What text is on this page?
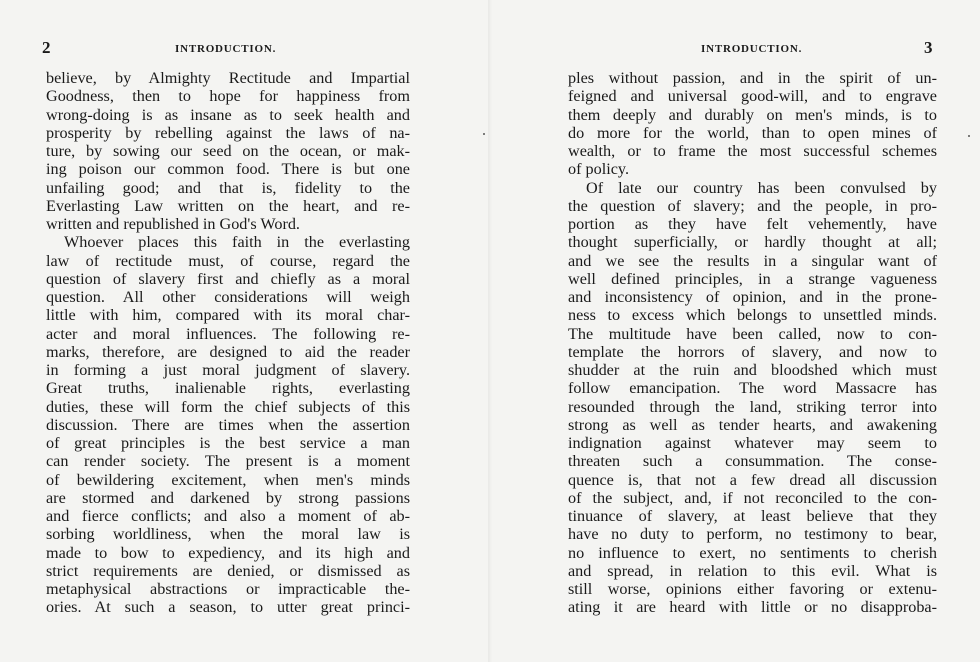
2	INTRODUCTION.
believe, by Almighty Rectitude and Impartial
Goodness, then to hope for happiness from
wrong-doing is as insane as to seek health and
prosperity by rebelling against the laws of na-
ture, by sowing our seed on the ocean, or mak-
ing poison our common food. There is but one
unfailing good; and that is, fidelity to the
Everlasting Law written on the heart, and re-
written and republished in God's Word.
Whoever places this faith in the everlasting
law of rectitude must, of course, regard the
question of slavery first and chiefly as a moral
question. All other considerations will weigh
little with him, compared with its moral char-
acter and moral influences. The following re-
marks, therefore, are designed to aid the reader
in forming a just moral judgment of slavery.
Great truths, inalienable rights, everlasting
duties, these will form the chief subjects of this
discussion. There are times when the assertion
of great principles is the best service a man
can render society. The present is a moment
of bewildering excitement, when men's minds
are stormed and darkened by strong passions
and fierce conflicts; and also a moment of ab-
sorbing worldliness, when the moral law is
made to bow to expediency, and its high and
strict requirements are denied, or dismissed as
metaphysical abstractions or impracticable the-
ories. At such a season, to utter great princi-
INTRODUCTION.	3
ples without passion, and in the spirit of un-
feigned and universal good-will, and to engrave
them deeply and durably on men's minds, is to
do more for the world, than to open mines of
wealth, or to frame the most successful schemes
of policy.
Of late our country has been convulsed by
the question of slavery; and the people, in pro-
portion as they have felt vehemently, have
thought superficially, or hardly thought at all;
and we see the results in a singular want of
well defined principles, in a strange vagueness
and inconsistency of opinion, and in the prone-
ness to excess which belongs to unsettled minds.
The multitude have been called, now to con-
template the horrors of slavery, and now to
shudder at the ruin and bloodshed which must
follow emancipation. The word Massacre has
resounded through the land, striking terror into
strong as well as tender hearts, and awakening
indignation against whatever may seem to
threaten such a consummation. The conse-
quence is, that not a few dread all discussion
of the subject, and, if not reconciled to the con-
tinuance of slavery, at least believe that they
have no duty to perform, no testimony to bear,
no influence to exert, no sentiments to cherish
and spread, in relation to this evil. What is
still worse, opinions either favoring or extenu-
ating it are heard with little or no disapproba-
